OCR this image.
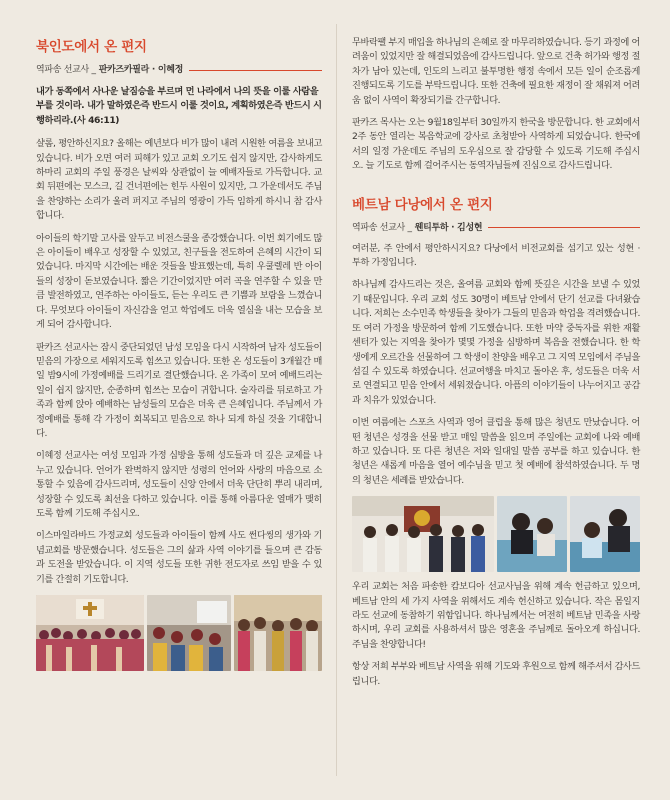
북인도에서 온 편지
역파송 선교사 _ 판카즈카필라 · 이혜정
내가 동쪽에서 사나운 날짐승을 부르며 먼 나라에서 나의 뜻을 이룰 사람을 부를 것이라. 내가 말하였은즉 반드시 이룰 것이요, 계획하였은즉 반드시 시행하리라.(사 46:11)

샬롬, 평안하신지요? 올해는 예년보다 비가 많이 내려 시원한 여름을 보내고 있습니다. 비가 오면 여러 피해가 있고 교회 오기도 쉽지 않지만, 감사하게도 하마리 교회의 주일 풍경은 날씨와 상관없이 늘 예배자들로 가득합니다. 교회 뒤편에는 모스크, 길 건너편에는 힌두 사원이 있지만, 그 가운데서도 주님을 찬양하는 소리가 울려 퍼지고 주님의 영광이 가득 임하게 하시니 참 감사합니다.

아이들의 학기말 고사를 앞두고 비전스쿨을 종강했습니다. 이번 회기에도 많은 아이들이 배우고 성장할 수 있었고, 친구들을 전도하여 은혜의 시간이 되었습니다. 마지막 시간에는 배운 것들을 발표했는데, 특히 우쿨렐레 반 아이들의 성장이 돋보였습니다. 짧은 기간이었지만 여러 곡을 연주할 수 있을 만큼 발전하였고, 연주하는 아이들도, 듣는 우리도 큰 기쁨과 보람을 느꼈습니다. 무엇보다 아이들이 자신감을 얻고 학업에도 더욱 열심을 내는 모습을 보게 되어 감사합니다.

판카즈 선교사는 잠시 중단되었던 남성 모임을 다시 시작하여 남자 성도들이 믿음의 가장으로 세워지도록 힘쓰고 있습니다. 또한 온 성도들이 3개월간 매일 밤9시에 가정예배를 드리기로 결단했습니다. 온 가족이 모여 예배드리는 일이 쉽지 않지만, 순종하며 힘쓰는 모습이 귀합니다. 술자리를 뒤로하고 가족과 함께 앉아 예배하는 남성들의 모습은 더욱 큰 은혜입니다. 주님께서 가정예배를 통해 각 가정이 회복되고 믿음으로 하나 되게 하실 것을 기대합니다.

이혜정 선교사는 여성 모임과 가정 심방을 통해 성도들과 더 깊은 교제를 나누고 있습니다. 언어가 완벽하지 않지만 성령의 언어와 사랑의 마음으로 소통할 수 있음에 감사드리며, 성도들이 신앙 안에서 더욱 단단히 뿌리 내리며, 성장할 수 있도록 최선을 다하고 있습니다. 이를 통해 아름다운 열매가 맺히도록 함께 기도해 주십시오.

이스마일라바드 가정교회 성도들과 아이들이 함께 사도 썬다씽의 생가와 기념교회를 방문했습니다. 성도들은 그의 삶과 사역 이야기를 들으며 큰 감동과 도전을 받았습니다. 이 지역 성도들 또한 귀한 전도자로 쓰임 받을 수 있기를 간절히 기도합니다.

무바락팰 부지 매입을 하나님의 은혜로 잘 마무리하였습니다. 등기 과정에 어려움이 있었지만 잘 해결되었음에 감사드립니다. 앞으로 건축 허가와 행정 절차가 남아 있는데, 인도의 느리고 불투명한 행정 속에서 모든 일이 순조롭게 진행되도록 기도를 부탁드립니다. 또한 건축에 필요한 재정이 잘 채워져 어려움 없이 사역이 확장되기를 간구합니다.

판카즈 목사는 오는 9월18일부터 30일까지 한국을 방문합니다. 한 교회에서 2주 동안 열리는 복음학교에 강사로 초청받아 사역하게 되었습니다. 한국에서의 일정 가운데도 주님의 도우심으로 잘 감당할 수 있도록 기도해 주십시오. 늘 기도로 함께 걸어주시는 동역자님들께 진심으로 감사드립니다.

베트남 다낭에서 온 편지
역파송 선교사 _ 웬티투하 · 김성현

여러분, 주 안에서 평안하시지요? 다낭에서 비전교회를 섬기고 있는 성현 · 투하 가정입니다.

하나님께 감사드리는 것은, 올여름 교회와 함께 뜻깊은 시간을 보낼 수 있었기 때문입니다. 우리 교회 성도 30명이 베트남 안에서 단기 선교를 다녀왔습니다. 저희는 소수민족 학생들을 찾아가 그들의 믿음과 학업을 격려했습니다. 또 여러 가정을 방문하여 함께 기도했습니다. 또한 마약 중독자를 위한 재활센터가 있는 지역을 찾아가 몇몇 가정을 심방하며 복음을 전했습니다. 한 학생에게 오르간을 선물하여 그 학생이 찬양을 배우고 그 지역 모임에서 주님을 섬길 수 있도록 하였습니다. 선교여행을 마치고 돌아온 후, 성도들은 더욱 서로 연결되고 믿음 안에서 세워졌습니다. 아픔의 이야기들이 나누어지고 공감과 치유가 있었습니다.

이번 여름에는 스포츠 사역과 영어 클럽을 통해 많은 청년도 만났습니다. 어떤 청년은 성경을 선물 받고 매일 말씀을 읽으며 주일에는 교회에 나와 예배하고 있습니다. 또 다른 청년은 저와 일대일 말씀 공부를 하고 있습니다. 한 청년은 새롭게 마음을 열어 예수님을 믿고 첫 예배에 참석하였습니다. 두 명의 청년은 세례를 받았습니다.

우리 교회는 처음 파송한 캄보디아 선교사님을 위해 계속 헌금하고 있으며, 베트남 안의 세 가지 사역을 위해서도 계속 헌신하고 있습니다. 작은 몸일지라도 선교에 동참하기 위함입니다. 하나님께서는 여전히 베트남 민족을 사랑하시며, 우리 교회를 사용하셔서 많은 영혼을 주님께로 돌아오게 하십니다. 주님을 찬양합니다!

항상 저희 부부와 베트남 사역을 위해 기도와 후원으로 함께 해주셔서 감사드립니다.
